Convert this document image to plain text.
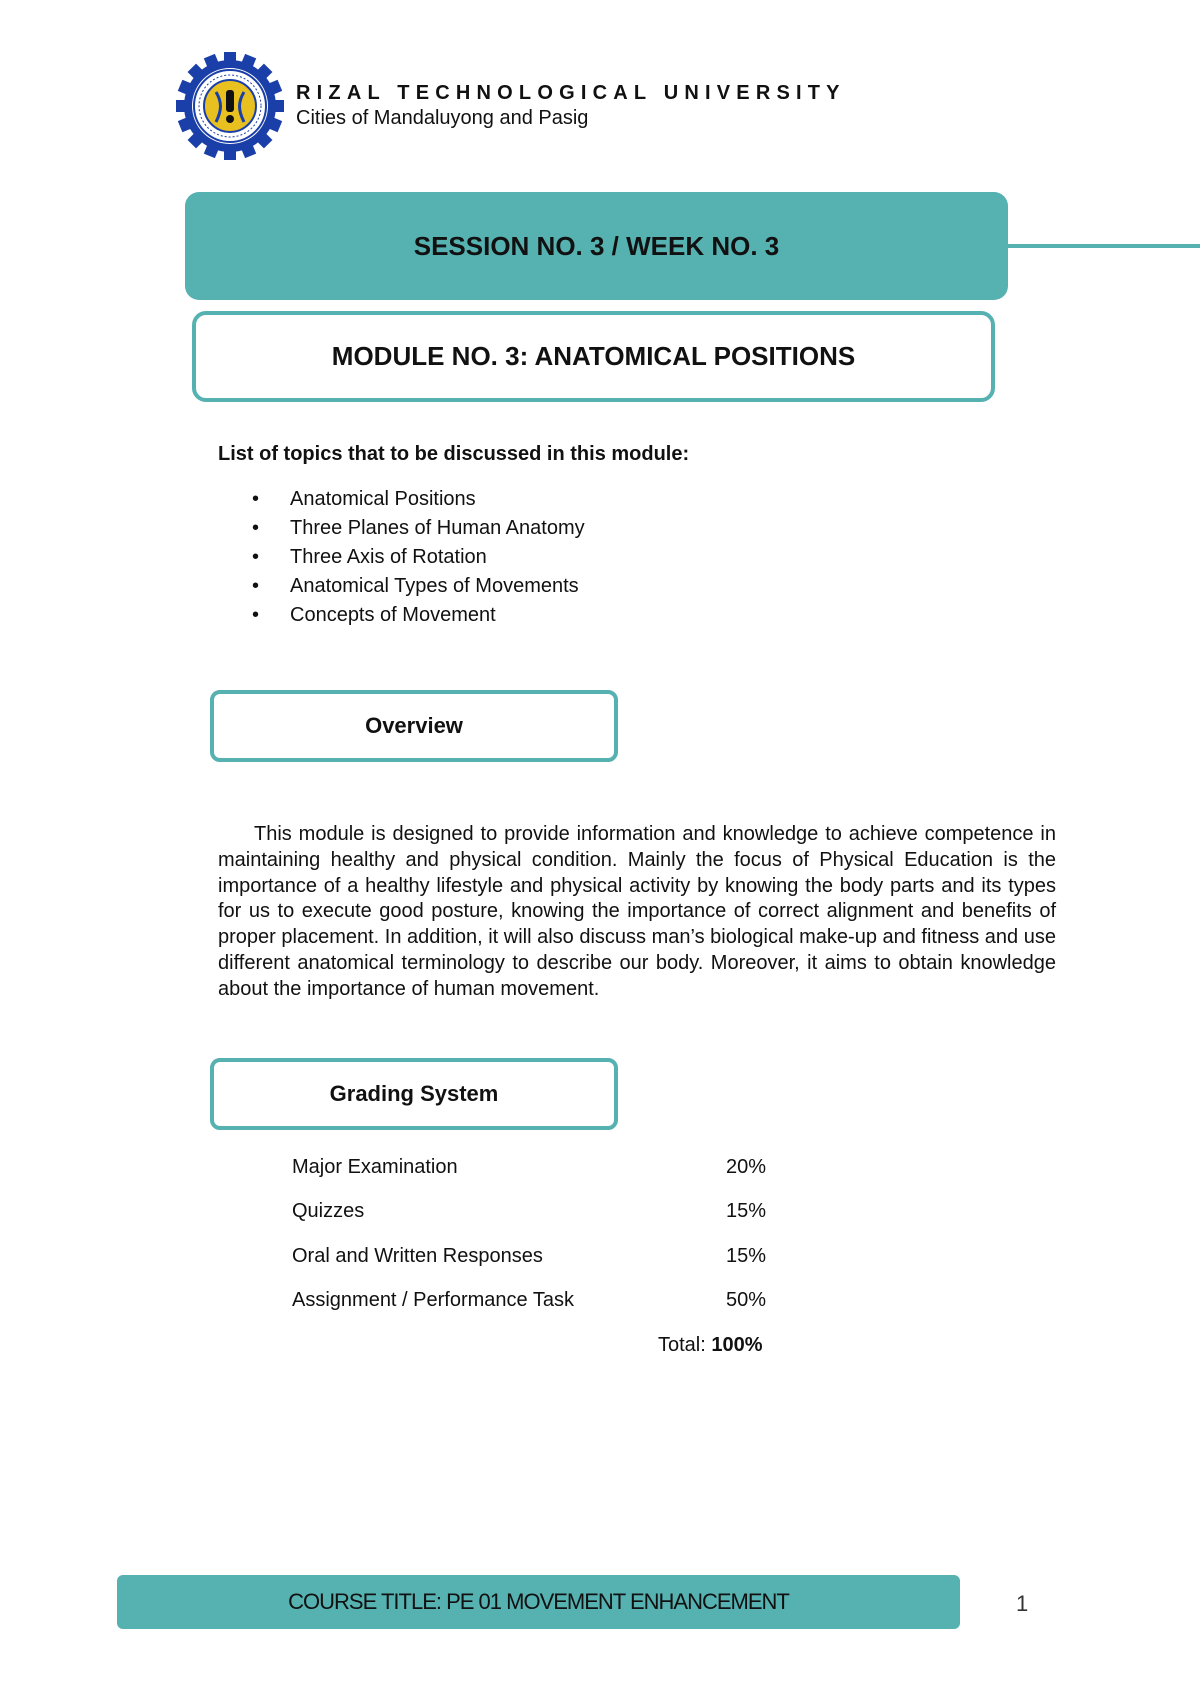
RIZAL TECHNOLOGICAL UNIVERSITY
Cities of Mandaluyong and Pasig
SESSION NO. 3 / WEEK NO. 3
MODULE NO. 3: ANATOMICAL POSITIONS
List of topics that to be discussed in this module:
• Anatomical Positions
• Three Planes of Human Anatomy
• Three Axis of Rotation
• Anatomical Types of Movements
• Concepts of Movement
Overview

This module is designed to provide information and knowledge to achieve competence in maintaining healthy and physical condition. Mainly the focus of Physical Education is the importance of a healthy lifestyle and physical activity by knowing the body parts and its types for us to execute good posture, knowing the importance of correct alignment and benefits of proper placement. In addition, it will also discuss man’s biological make-up and fitness and use different anatomical terminology to describe our body. Moreover, it aims to obtain knowledge about the importance of human movement.

Grading System
Major Examination	20%
Quizzes	15%
Oral and Written Responses	15%
Assignment / Performance Task	50%
Total: 100%
COURSE TITLE: PE 01 MOVEMENT ENHANCEMENT	1
